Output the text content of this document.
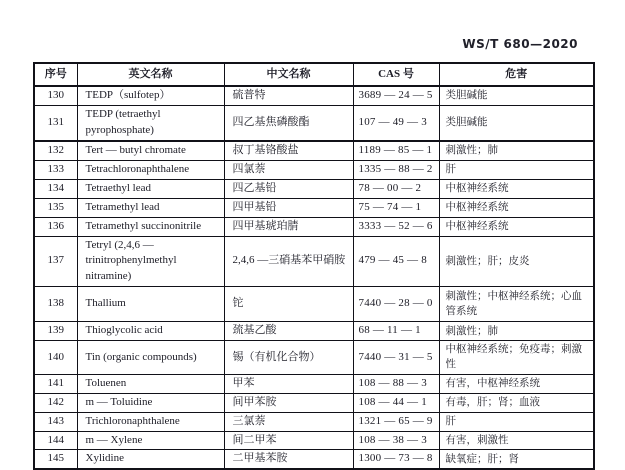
WS/T 680—2020
序号	英文名称	中文名称	CAS 号	危害
130	TEDP（sulfotep）	硫普特	3689 — 24 — 5	类胆碱能
131	TEDP (tetraethyl pyrophosphate)	四乙基焦磷酸酯	107 — 49 — 3	类胆碱能
132	Tert — butyl chromate	叔丁基铬酸盐	1189 — 85 — 1	刺激性；肺
133	Tetrachloronaphthalene	四氯萘	1335 — 88 — 2	肝
134	Tetraethyl lead	四乙基铅	78 — 00 — 2	中枢神经系统
135	Tetramethyl lead	四甲基铅	75 — 74 — 1	中枢神经系统
136	Tetramethyl succinonitrile	四甲基琥珀腈	3333 — 52 — 6	中枢神经系统
137	Tetryl (2,4,6 — trinitrophenylmethyl nitramine)	2,4,6 —三硝基苯甲硝胺	479 — 45 — 8	刺激性；肝；皮炎
138	Thallium	铊	7440 — 28 — 0	刺激性；中枢神经系统；心血管系统
139	Thioglycolic acid	巯基乙酸	68 — 11 — 1	刺激性；肺
140	Tin (organic compounds)	锡（有机化合物）	7440 — 31 — 5	中枢神经系统；免疫毒；刺激性
141	Toluenen	甲苯	108 — 88 — 3	有害，中枢神经系统
142	m — Toluidine	间甲苯胺	108 — 44 — 1	有毒，肝；肾；血液
143	Trichloronaphthalene	三氯萘	1321 — 65 — 9	肝
144	m — Xylene	间二甲苯	108 — 38 — 3	有害，刺激性
145	Xylidine	二甲基苯胺	1300 — 73 — 8	缺氧症；肝；肾
